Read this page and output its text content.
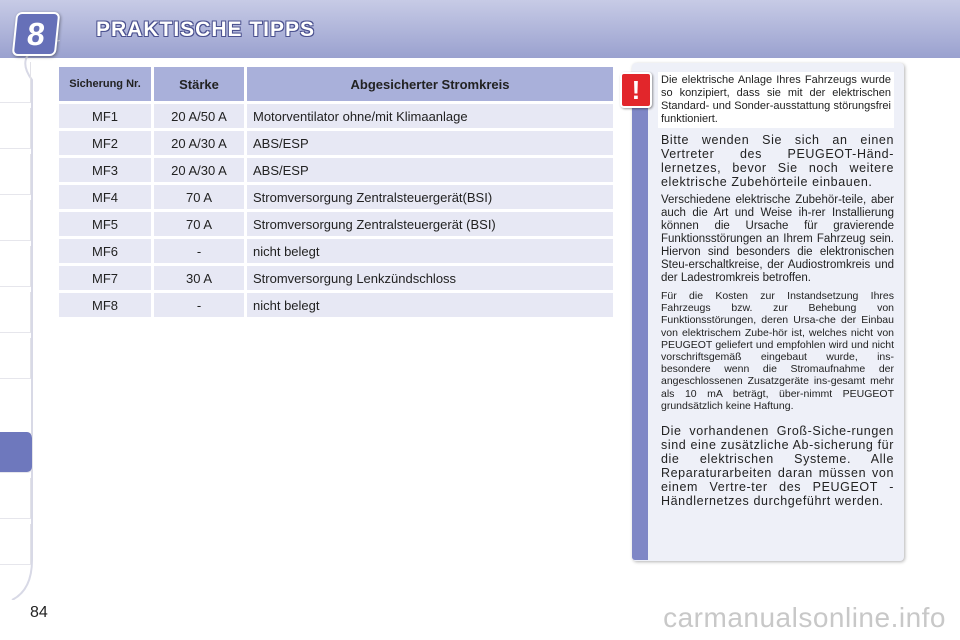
8	PRAKTISCHE TIPPS
Sicherung Nr.	Stärke	Abgesicherter Stromkreis
MF1	20 A/50 A	Motorventilator ohne/mit Klimaanlage
MF2	20 A/30 A	ABS/ESP
MF3	20 A/30 A	ABS/ESP
MF4	70 A	Stromversorgung Zentralsteuergerät(BSI)
MF5	70 A	Stromversorgung Zentralsteuergerät (BSI)
MF6	-	nicht belegt
MF7	30 A	Stromversorgung Lenkzündschloss
MF8	-	nicht belegt
!	Die elektrische Anlage Ihres Fahrzeugs wurde so konzipiert, dass sie mit der elektrischen Standard- und Sonder-ausstattung störungsfrei funktioniert.

Bitte wenden Sie sich an einen Vertreter des PEUGEOT-Händ-lernetzes, bevor Sie noch weitere elektrische Zubehörteile einbauen.

Verschiedene elektrische Zubehör-teile, aber auch die Art und Weise ih-rer Installierung können die Ursache für gravierende Funktionsstörungen an Ihrem Fahrzeug sein. Hiervon sind besonders die elektronischen Steu-erschaltkreise, der Audiostromkreis und der Ladestromkreis betroffen.

Für die Kosten zur Instandsetzung Ihres Fahrzeugs bzw. zur Behebung von Funktionsstörungen, deren Ursa-che der Einbau von elektrischem Zube-hör ist, welches nicht von PEUGEOT geliefert und empfohlen wird und nicht vorschriftsgemäß eingebaut wurde, ins-besondere wenn die Stromaufnahme der angeschlossenen Zusatzgeräte ins-gesamt mehr als 10 mA beträgt, über-nimmt PEUGEOT grundsätzlich keine Haftung.

Die vorhandenen Groß-Siche-rungen sind eine zusätzliche Ab-sicherung für die elektrischen Systeme. Alle Reparaturarbeiten daran müssen von einem Vertre-ter des PEUGEOT -Händlernetzes durchgeführt werden.

84	carmanualsonline.info
